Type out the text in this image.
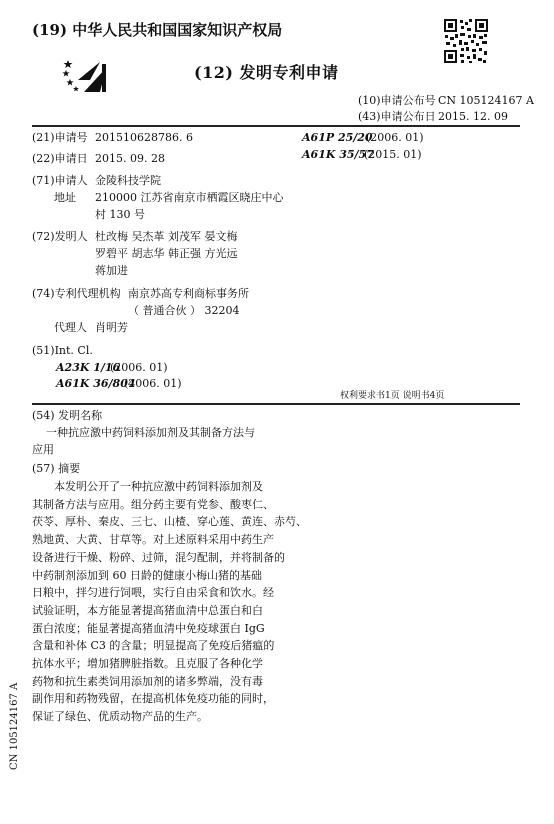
(19) 中华人民共和国国家知识产权局
(12) 发明专利申请
(10)申请公布号 CN 105124167 A
(43)申请公布日 2015. 12. 09
(21)申请号 201510628786. 6
(22)申请日 2015. 09. 28
(71)申请人 金陵科技学院
地址 210000 江苏省南京市栖霞区晓庄中心
村 130 号
(72)发明人 杜改梅 吴杰革 刘茂军 晏文梅
罗碧平 胡志华 韩正强 方光远
蒋加进
(74)专利代理机构 南京苏高专利商标事务所
（ 普通合伙 ） 32204
代理人 肖明芳
(51)Int. Cl.
A23K 1/16
(2006. 01)
A61K 36/804
(2006. 01)
A61P 25/20
(2006. 01)
A61K 35/57
(2015. 01)
权利要求书1页 说明书4页
(54) 发明名称
一种抗应激中药饲料添加剂及其制备方法与
应用
(57) 摘要

本发明公开了一种抗应激中药饲料添加剂及

其制备方法与应用。组分药主要有党参、酸枣仁、

茯苓、厚朴、秦皮、三七、山楂、穿心莲、黄连、赤芍、

熟地黄、大黄、甘草等。对上述原料采用中药生产

设备进行干燥、粉碎、过筛，混匀配制，并将制备的

中药制剂添加到 60 日龄的健康小梅山猪的基础

日粮中，拌匀进行饲喂，实行自由采食和饮水。经

试验证明，本方能显著提高猪血清中总蛋白和白

蛋白浓度；能显著提高猪血清中免疫球蛋白 IgG

含量和补体 C3 的含量；明显提高了免疫后猪瘟的

抗体水平；增加猪脾脏指数。且克服了各种化学

药物和抗生素类饲用添加剂的诸多弊端，没有毒

副作用和药物残留，在提高机体免疫功能的同时，

保证了绿色、优质动物产品的生产。

CN 105124167 A
